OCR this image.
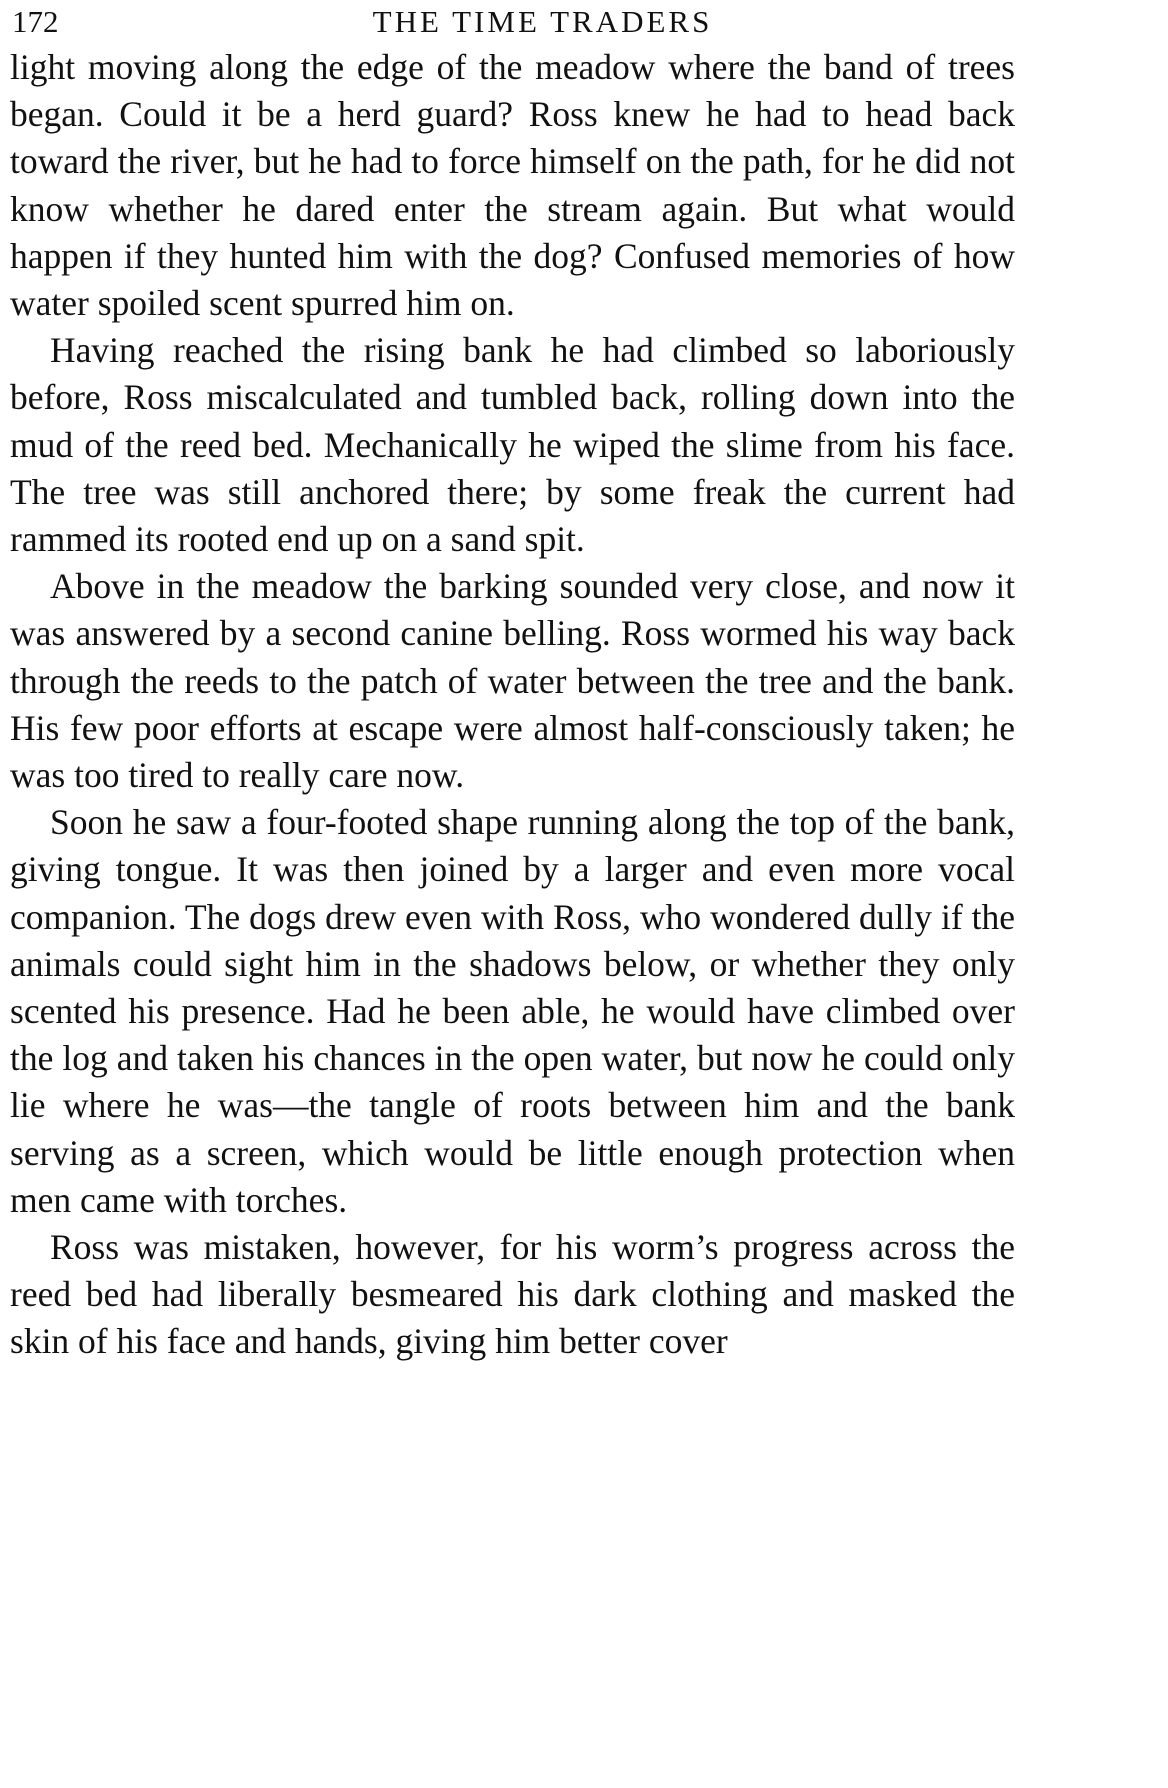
172	THE TIME TRADERS

light moving along the edge of the meadow where the band of trees began. Could it be a herd guard? Ross knew he had to head back toward the river, but he had to force himself on the path, for he did not know whether he dared enter the stream again. But what would happen if they hunted him with the dog? Confused memories of how water spoiled scent spurred him on.

Having reached the rising bank he had climbed so laboriously before, Ross miscalculated and tumbled back, rolling down into the mud of the reed bed. Mechanically he wiped the slime from his face. The tree was still anchored there; by some freak the current had rammed its rooted end up on a sand spit.

Above in the meadow the barking sounded very close, and now it was answered by a second canine belling. Ross wormed his way back through the reeds to the patch of water between the tree and the bank. His few poor efforts at escape were almost half-consciously taken; he was too tired to really care now.

Soon he saw a four-footed shape running along the top of the bank, giving tongue. It was then joined by a larger and even more vocal companion. The dogs drew even with Ross, who wondered dully if the animals could sight him in the shadows below, or whether they only scented his presence. Had he been able, he would have climbed over the log and taken his chances in the open water, but now he could only lie where he was—the tangle of roots between him and the bank serving as a screen, which would be little enough protection when men came with torches.

Ross was mistaken, however, for his worm’s progress across the reed bed had liberally besmeared his dark clothing and masked the skin of his face and hands, giving him better cover
